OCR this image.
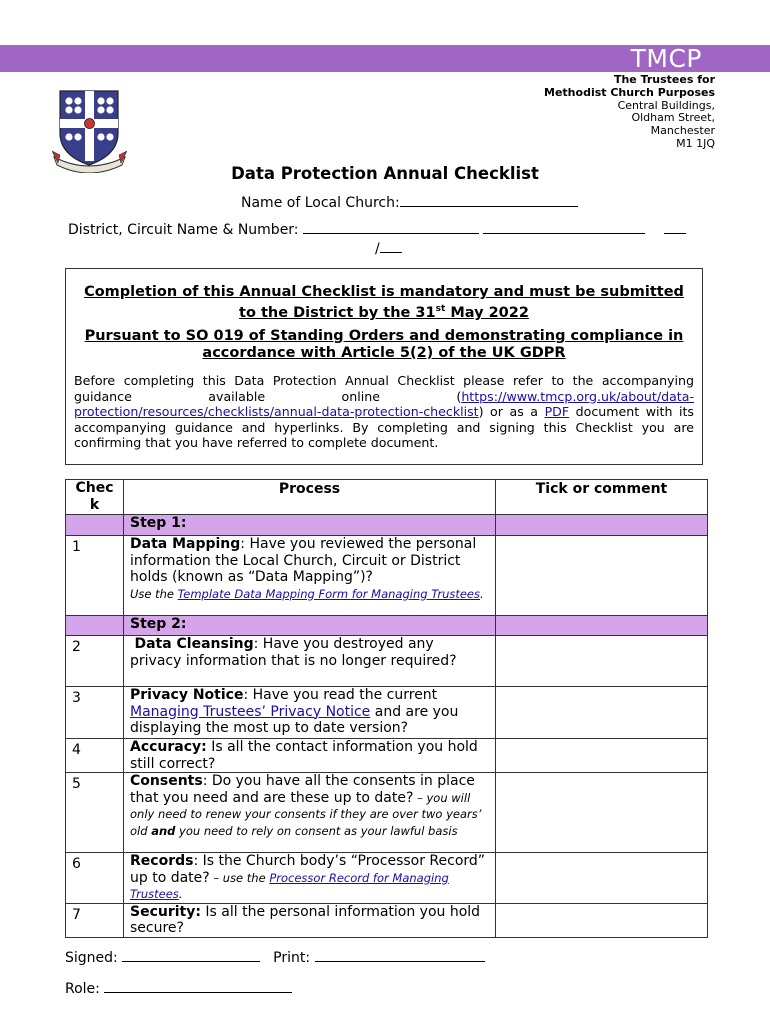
TMCP
The Trustees for
Methodist Church Purposes
Central Buildings,
Oldham Street,
Manchester
M1 1JQ
Data Protection Annual Checklist
Name of Local Church:
District, Circuit Name & Number:
/
Completion of this Annual Checklist is mandatory and must be submitted to the District by the 31st May 2022
Pursuant to SO 019 of Standing Orders and demonstrating compliance in accordance with Article 5(2) of the UK GDPR
Before completing this Data Protection Annual Checklist please refer to the accompanying guidance available online (https://www.tmcp.org.uk/about/data-protection/resources/checklists/annual-data-protection-checklist) or as a PDF document with its accompanying guidance and hyperlinks. By completing and signing this Checklist you are confirming that you have referred to complete document.
Chec k	Process	Tick or comment
	Step 1:	
1	Data Mapping: Have you reviewed the personal information the Local Church, Circuit or District holds (known as “Data Mapping”)?
Use the Template Data Mapping Form for Managing Trustees.	
	Step 2:	
2	Data Cleansing: Have you destroyed any privacy information that is no longer required?	
3	Privacy Notice: Have you read the current Managing Trustees’ Privacy Notice and are you displaying the most up to date version?	
4	Accuracy: Is all the contact information you hold still correct?	
5	Consents: Do you have all the consents in place that you need and are these up to date? – you will only need to renew your consents if they are over two years’ old and you need to rely on consent as your lawful basis	
6	Records: Is the Church body’s “Processor Record” up to date? – use the Processor Record for Managing Trustees.	
7	Security: Is all the personal information you hold secure?	
Signed:	Print:
Role:
